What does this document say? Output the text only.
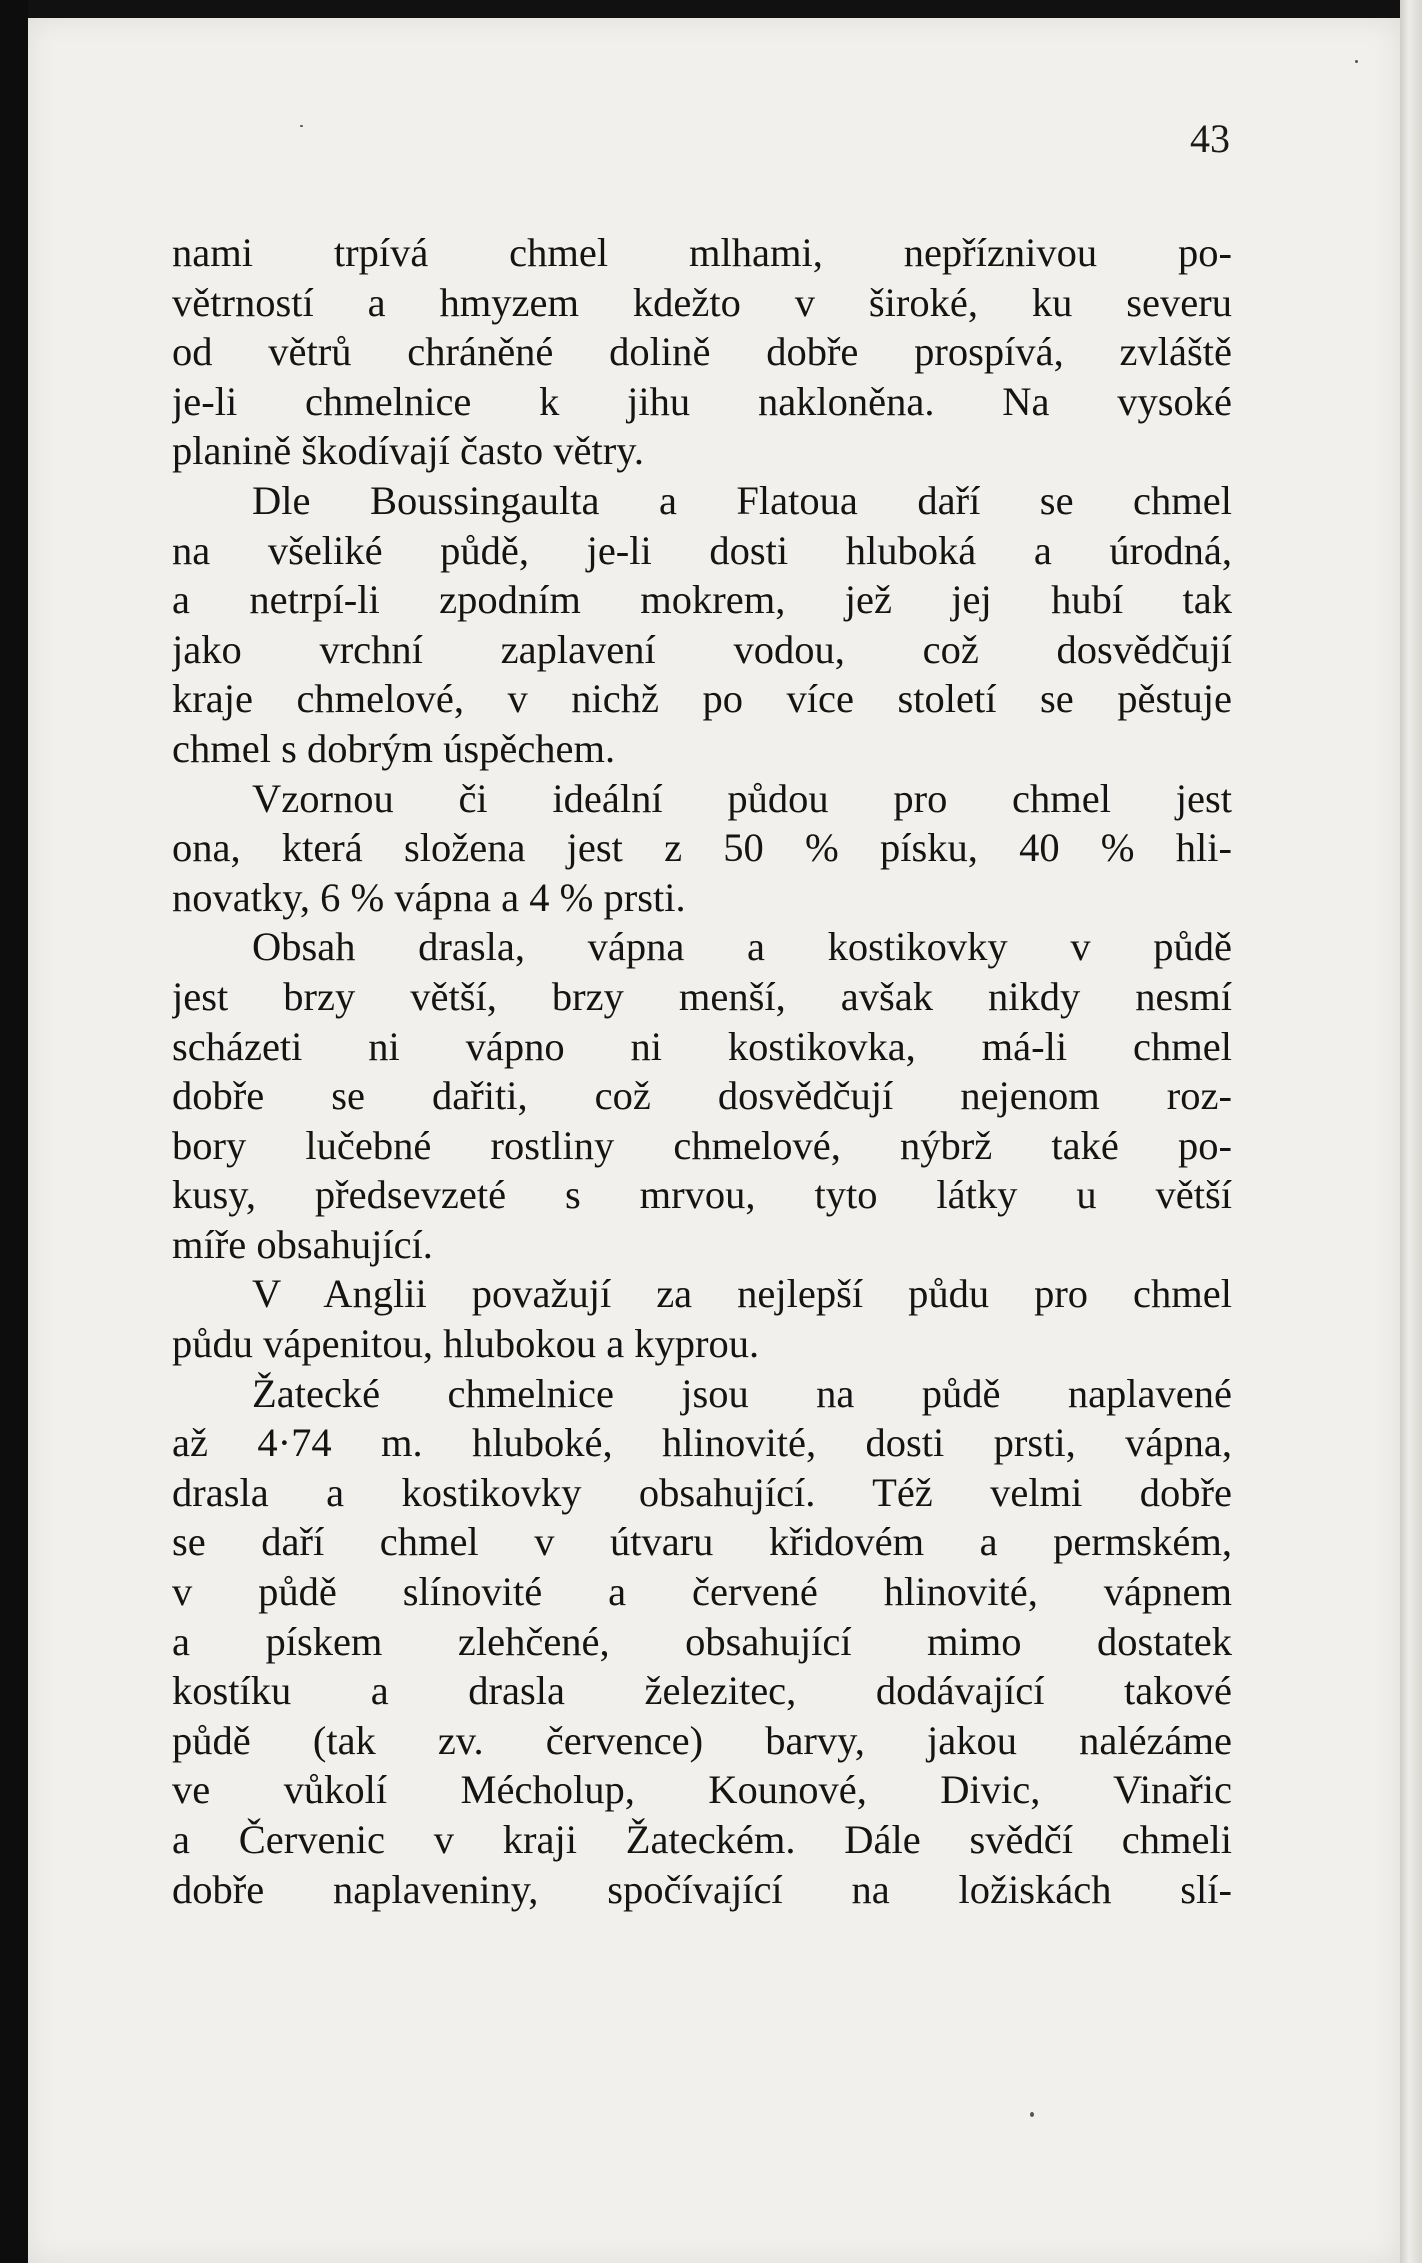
43
nami trpívá chmel mlhami, nepříznivou po-
větrností a hmyzem kdežto v široké, ku severu
od větrů chráněné dolině dobře prospívá, zvláště
je-li chmelnice k jihu nakloněna. Na vysoké
planině škodívají často větry.
Dle Boussingaulta a Flatoua daří se chmel
na všeliké půdě, je-li dosti hluboká a úrodná,
a netrpí-li zpodním mokrem, jež jej hubí tak
jako vrchní zaplavení vodou, což dosvědčují
kraje chmelové, v nichž po více století se pěstuje
chmel s dobrým úspěchem.
Vzornou či ideální půdou pro chmel jest
ona, která složena jest z 50 % písku, 40 % hli-
novatky, 6 % vápna a 4 % prsti.
Obsah drasla, vápna a kostikovky v půdě
jest brzy větší, brzy menší, avšak nikdy nesmí
scházeti ni vápno ni kostikovka, má-li chmel
dobře se dařiti, což dosvědčují nejenom roz-
bory lučebné rostliny chmelové, nýbrž také po-
kusy, předsevzeté s mrvou, tyto látky u větší
míře obsahující.
V Anglii považují za nejlepší půdu pro chmel
půdu vápenitou, hlubokou a kyprou.
Žatecké chmelnice jsou na půdě naplavené
až 4·74 m. hluboké, hlinovité, dosti prsti, vápna,
drasla a kostikovky obsahující. Též velmi dobře
se daří chmel v útvaru křidovém a permském,
v půdě slínovité a červené hlinovité, vápnem
a pískem zlehčené, obsahující mimo dostatek
kostíku a drasla železitec, dodávající takové
půdě (tak zv. července) barvy, jakou nalézáme
ve vůkolí Mécholup, Kounové, Divic, Vinařic
a Červenic v kraji Žateckém. Dále svědčí chmeli
dobře naplaveniny, spočívající na ložiskách slí-
